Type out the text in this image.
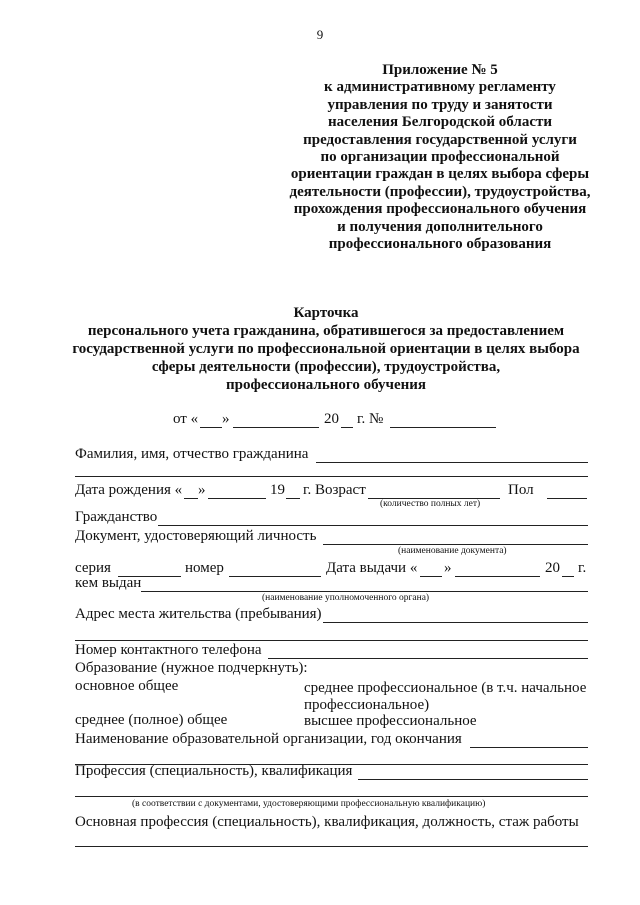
9
Приложение № 5
к административному регламенту
управления по труду и занятости
населения Белгородской области
предоставления государственной услуги
по организации профессиональной
ориентации граждан в целях выбора сферы
деятельности (профессии), трудоустройства,
прохождения профессионального обучения
и получения дополнительного
профессионального образования
Карточка
персонального учета гражданина, обратившегося за предоставлением
государственной услуги по профессиональной ориентации в целях выбора
сферы деятельности (профессии), трудоустройства,
профессионального обучения
от « »	20 г. №
Фамилия, имя, отчество гражданина
Дата рождения « »	19 г. Возраст	Пол
(количество полных лет)
Гражданство
Документ, удостоверяющий личность
(наименование документа)
серия	номер	Дата выдачи « »	20 г.
кем выдан
(наименование уполномоченного органа)
Адрес места жительства (пребывания)
Номер контактного телефона
Образование (нужное подчеркнуть):
основное общее	среднее профессиональное (в т.ч. начальное
профессиональное)
среднее (полное) общее	высшее профессиональное
Наименование образовательной организации, год окончания
Профессия (специальность), квалификация
(в соответствии с документами, удостоверяющими профессиональную квалификацию)
Основная профессия (специальность), квалификация, должность, стаж работы
